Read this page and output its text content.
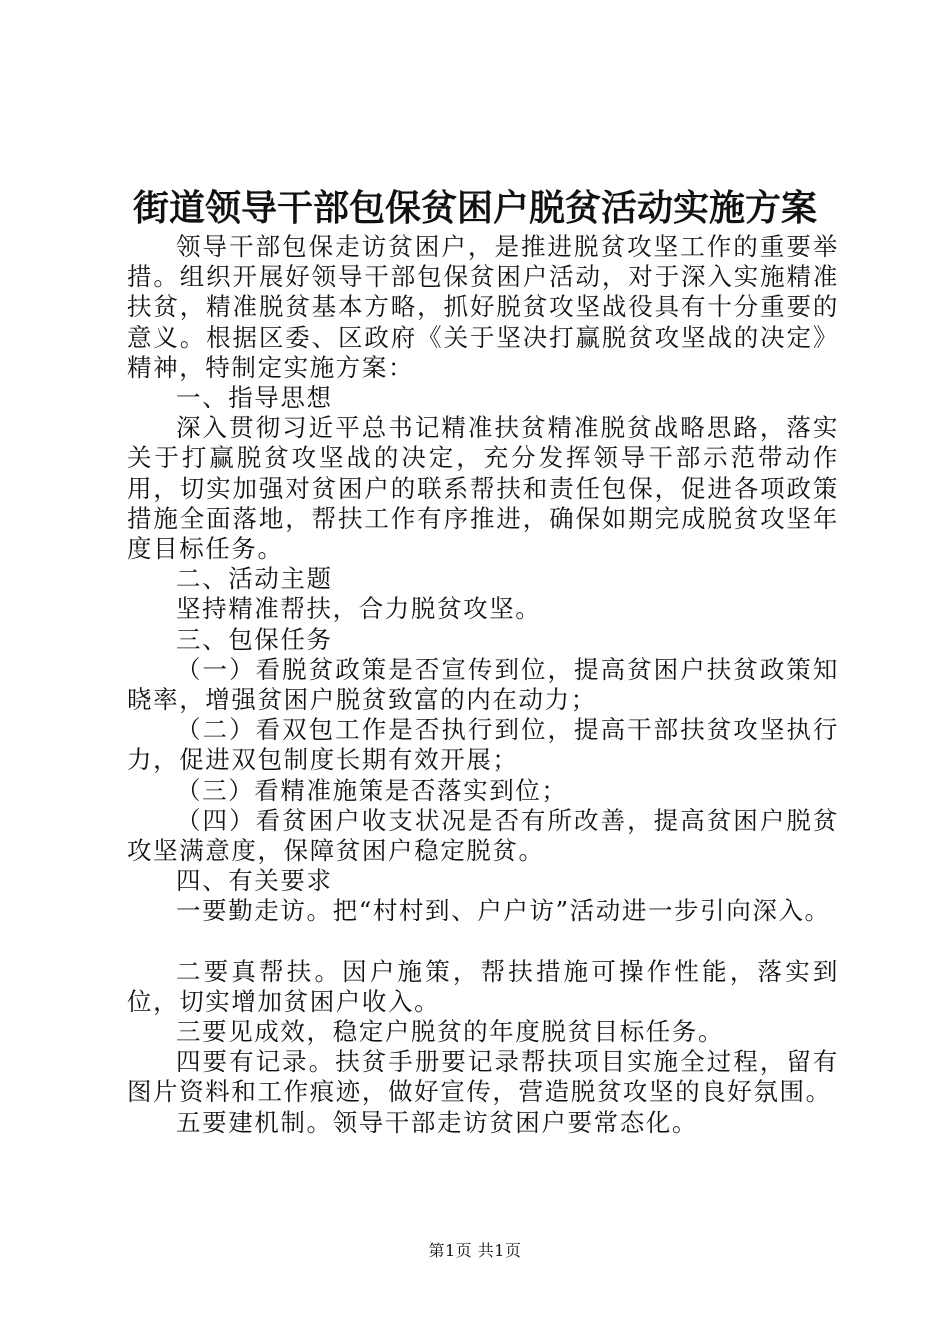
街道领导干部包保贫困户脱贫活动实施方案

领导干部包保走访贫困户，是推进脱贫攻坚工作的重要举措。组织开展好领导干部包保贫困户活动，对于深入实施精准扶贫，精准脱贫基本方略，抓好脱贫攻坚战役具有十分重要的意义。根据区委、区政府《关于坚决打赢脱贫攻坚战的决定》精神，特制定实施方案：

一、指导思想

深入贯彻习近平总书记精准扶贫精准脱贫战略思路，落实关于打赢脱贫攻坚战的决定，充分发挥领导干部示范带动作用，切实加强对贫困户的联系帮扶和责任包保，促进各项政策措施全面落地，帮扶工作有序推进，确保如期完成脱贫攻坚年度目标任务。

二、活动主题

坚持精准帮扶，合力脱贫攻坚。

三、包保任务

（一）看脱贫政策是否宣传到位，提高贫困户扶贫政策知晓率，增强贫困户脱贫致富的内在动力；

（二）看双包工作是否执行到位，提高干部扶贫攻坚执行力，促进双包制度长期有效开展；

（三）看精准施策是否落实到位；

（四）看贫困户收支状况是否有所改善，提高贫困户脱贫攻坚满意度，保障贫困户稳定脱贫。

四、有关要求

一要勤走访。把“村村到、户户访”活动进一步引向深入。

二要真帮扶。因户施策，帮扶措施可操作性能，落实到位，切实增加贫困户收入。

三要见成效，稳定户脱贫的年度脱贫目标任务。

四要有记录。扶贫手册要记录帮扶项目实施全过程，留有图片资料和工作痕迹，做好宣传，营造脱贫攻坚的良好氛围。

五要建机制。领导干部走访贫困户要常态化。

第1页 共1页
